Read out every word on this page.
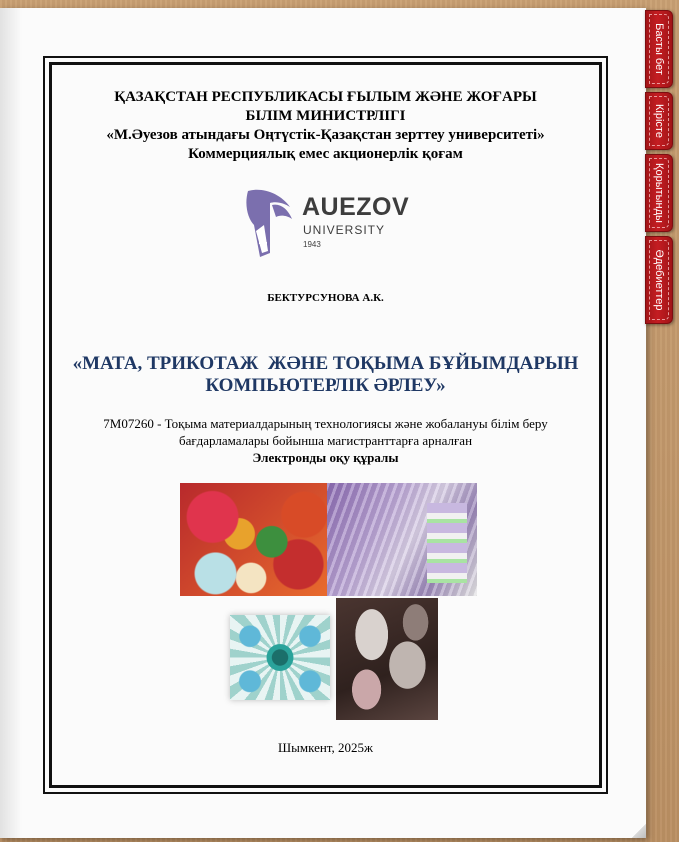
ҚАЗАҚСТАН РЕСПУБЛИКАСЫ ҒЫЛЫМ ЖӘНЕ ЖОҒАРЫ
БІЛІМ МИНИСТРЛІГІ
«М.Әуезов атындағы Оңтүстік-Қазақстан зерттеу университеті»
Коммерциялық емес акционерлік қоғам
AUEZOV
UNIVERSITY
1943
БЕКТУРСУНОВА А.К.
«МАТА, ТРИКОТАЖ  ЖӘНЕ ТОҚЫМА БҰЙЫМДАРЫН
КОМПЬЮТЕРЛІК ӘРЛЕУ»
7М07260 - Тоқыма материалдарының технологиясы және жобалануы білім беру
бағдарламалары бойынша магистранттарға арналған
Электронды оқу құралы
Шымкент, 2025ж
Басты бет
Кірісте
Қорытынды
Әдебиеттер
